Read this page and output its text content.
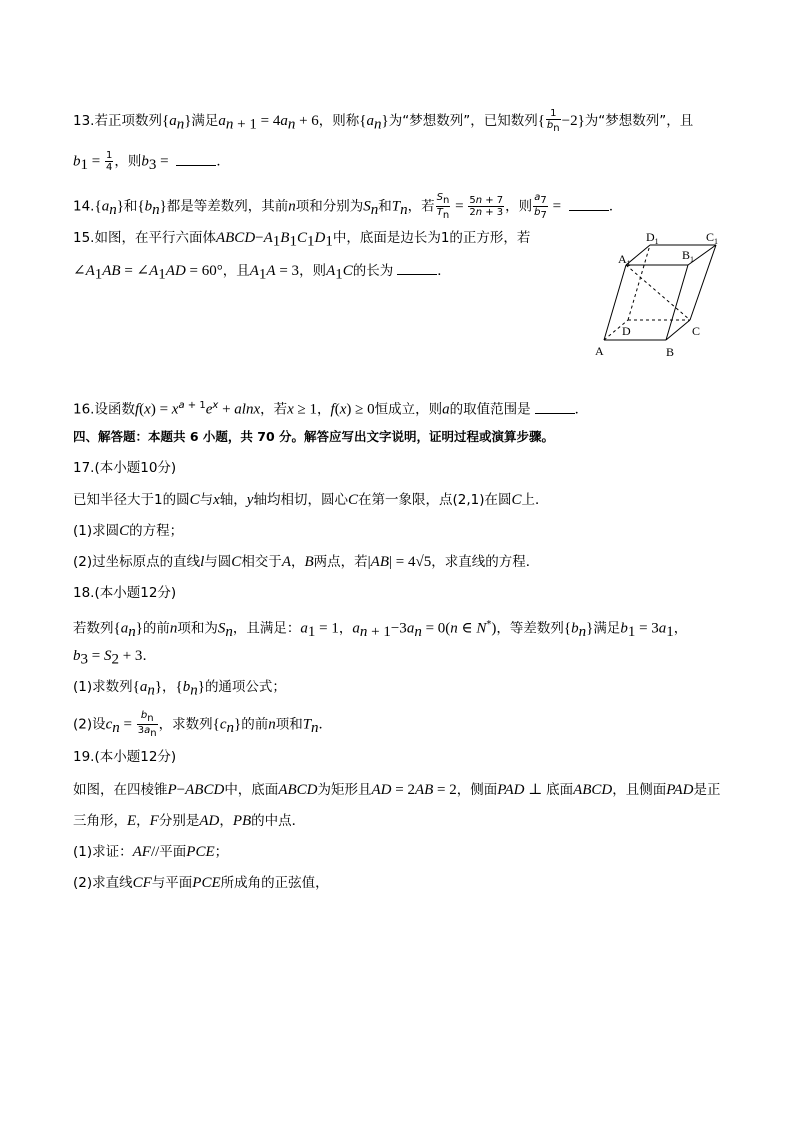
13.若正项数列$\{a_n\}$满足$a_n$ $_{+ 1} = 4a_n + 6$，则称$\{a_n\}$为“梦想数列”，已知数列{ $\frac{1}{b_n} -2$}为“梦想数列”，且
$b_1 = \frac{1}{4}$ ，则$b_3$ =	．
$14.\{a_n\}$和$\{b_n\}$都是等差数列，其前n项和分别为$S_n$和$T_n$，若 $\frac{S_n}{T_n} = \frac{5n + 7}{2n + 3}$ ，则 $\frac{a_7}{b_7}$ =	．
15.如图，在平行六面体$ABCD-A_1B_1C_1D_1$中，底面是边长为1的正方形，若
$\angle A_1AB$ = $\angle A_1AD = 60^\circ$，且$A_1A = 3$，则$A_1C$的长为	．
A	B
C
D
$A_1$
$B_1$
$C_1$
$D_1$
16.设函数$f(x) = x^{a + 1}e^x + alnx$，若x ≥ 1，f(x) ≥ 0恒成立，则a的取值范围是	．
四、解答题：本题共 6 小题，共 70 分。解答应写出文字说明，证明过程或演算步骤。
17.(本小题10分)
已知半径大于1的圆C与x轴，y轴均相切，圆心C在第一象限，点(2,1)在圆C上．
(1)求圆C的方程；
(2)过坐标原点的直线l与圆C相交于A，B两点，若|AB| = 4√5，求直线的方程．
18.(本小题12分)
若数列$\{a_n\}$的前n项和为$S_n$，且满足：$a_1 = 1$，$a_n$ $_{+ 1}-3a_n = 0(n$ ∈ N*)，等差数列$\{b_n\}$满足$b_1 = 3a_1$，
$b_3 = S_2 + 3$．
(1)求数列$\{a_n\}$，$\{b_n\}$的通项公式；
(2)设$c_n = \frac{b_n}{3a_n}$ ，求数列$\{c_n\}$的前n项和$T_n$．
19.(本小题12分)
如图，在四棱锥P−ABCD中，底面ABCD为矩形且AD = 2AB = 2，侧面PAD ⊥ 底面ABCD，且侧面PAD是正
三角形，E，F分别是AD，PB的中点．
(1)求证：AF//平面PCE；
(2)求直线CF与平面PCE所成角的正弦值，
